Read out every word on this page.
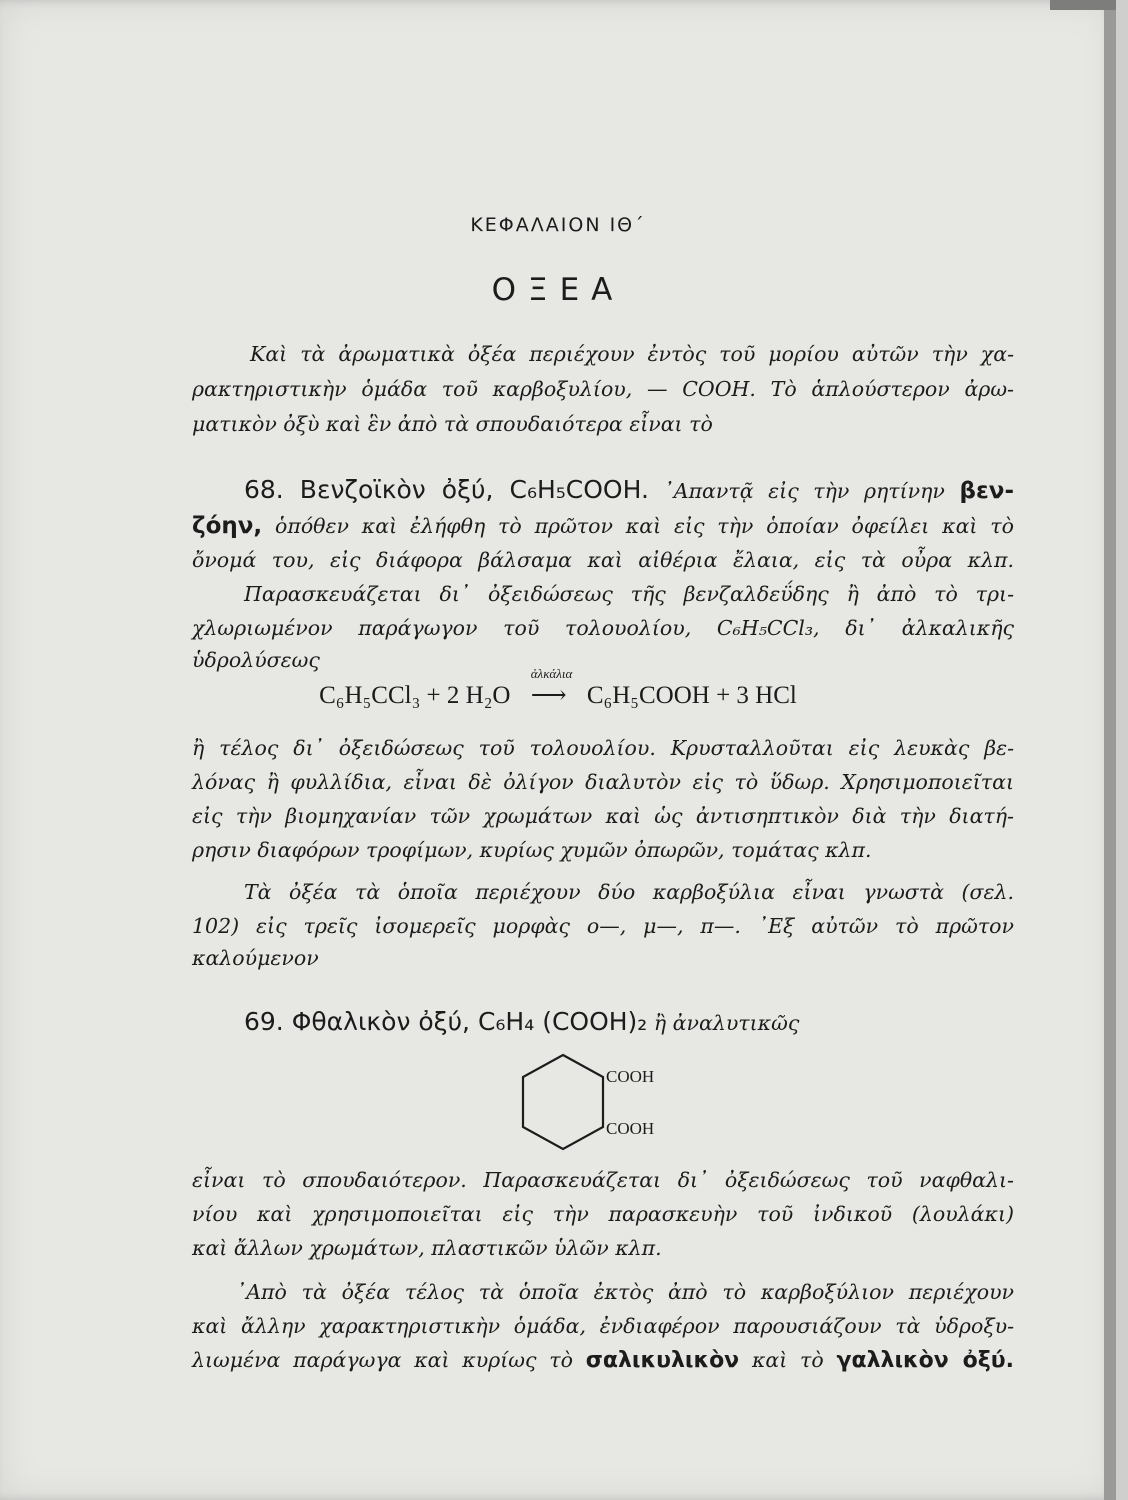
ΚΕΦΑΛΑΙΟΝ ΙΘ΄
ΟΞΕΑ
Καὶ τὰ ἀρωματικὰ ὀξέα περιέχουν ἐντὸς τοῦ μορίου αὐτῶν τὴν χα-
ρακτηριστικὴν ὁμάδα τοῦ καρβοξυλίου, — COOH. Τὸ ἁπλούστερον ἀρω-
ματικὸν ὀξὺ καὶ ἓν ἀπὸ τὰ σπουδαιότερα εἶναι τὸ
68. Βενζοϊκὸν ὀξύ, C₆H₅COOH. ᾽Απαντᾷ εἰς τὴν ρητίνην βεν-
ζόην, ὁπόθεν καὶ ἐλήφθη τὸ πρῶτον καὶ εἰς τὴν ὁποίαν ὀφείλει καὶ τὸ
ὄνομά του, εἰς διάφορα βάλσαμα καὶ αἰθέρια ἔλαια, εἰς τὰ οὖρα κλπ.
Παρασκευάζεται δι᾽ ὀξειδώσεως τῆς βενζαλδεΰδης ἢ ἀπὸ τὸ τρι-
χλωριωμένον παράγωγον τοῦ τολουολίου, C₆H₅CCl₃, δι᾽ ἀλκαλικῆς
ὑδρολύσεως
C₆H₅CCl₃ + 2 H₂O
ἀλκάλια
⟶ C₆H₅COOH + 3 HCl
ἢ τέλος δι᾽ ὀξειδώσεως τοῦ τολουολίου. Κρυσταλλοῦται εἰς λευκὰς βε-
λόνας ἢ φυλλίδια, εἶναι δὲ ὀλίγον διαλυτὸν εἰς τὸ ὕδωρ. Χρησιμοποιεῖται
εἰς τὴν βιομηχανίαν τῶν χρωμάτων καὶ ὡς ἀντισηπτικὸν διὰ τὴν διατή-
ρησιν διαφόρων τροφίμων, κυρίως χυμῶν ὀπωρῶν, τομάτας κλπ.
Τὰ ὀξέα τὰ ὁποῖα περιέχουν δύο καρβοξύλια εἶναι γνωστὰ (σελ.
102) εἰς τρεῖς ἰσομερεῖς μορφὰς ο—, μ—, π—. ᾽Εξ αὐτῶν τὸ πρῶτον
καλούμενον
69. Φθαλικὸν ὀξύ, C₆H₄ (COOH)₂ ἢ ἀναλυτικῶς
COOH
COOH
εἶναι τὸ σπουδαιότερον. Παρασκευάζεται δι᾽ ὀξειδώσεως τοῦ ναφθαλι-
νίου καὶ χρησιμοποιεῖται εἰς τὴν παρασκευὴν τοῦ ἰνδικοῦ (λουλάκι)
καὶ ἄλλων χρωμάτων, πλαστικῶν ὑλῶν κλπ.
᾽Απὸ τὰ ὀξέα τέλος τὰ ὁποῖα ἐκτὸς ἀπὸ τὸ καρβοξύλιον περιέχουν
καὶ ἄλλην χαρακτηριστικὴν ὁμάδα, ἐνδιαφέρον παρουσιάζουν τὰ ὑδροξυ-
λιωμένα παράγωγα καὶ κυρίως τὸ σαλικυλικὸν καὶ τὸ γαλλικὸν ὀξύ.
